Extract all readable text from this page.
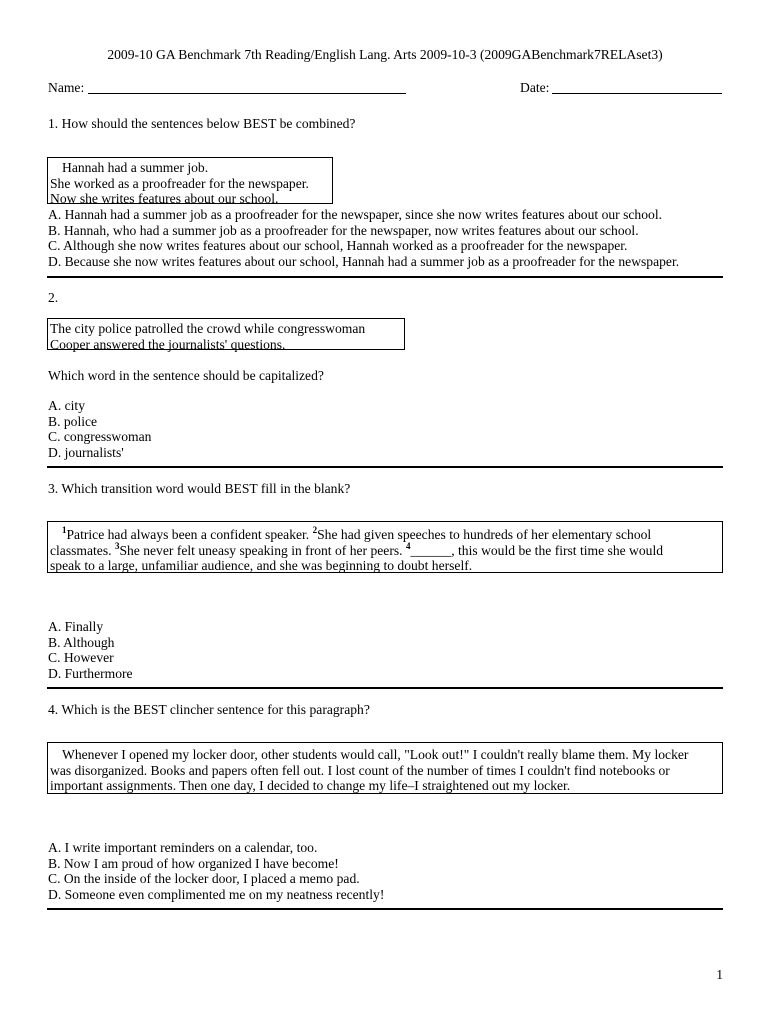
2009-10 GA Benchmark 7th Reading/English Lang. Arts 2009-10-3 (2009GABenchmark7RELAset3)
Name:	Date:
1. How should the sentences below BEST be combined?
Hannah had a summer job.
She worked as a proofreader for the newspaper.
Now she writes features about our school.
A. Hannah had a summer job as a proofreader for the newspaper, since she now writes features about our school.
B. Hannah, who had a summer job as a proofreader for the newspaper, now writes features about our school.
C. Although she now writes features about our school, Hannah worked as a proofreader for the newspaper.
D. Because she now writes features about our school, Hannah had a summer job as a proofreader for the newspaper.
2.
The city police patrolled the crowd while congresswoman
Cooper answered the journalists' questions.
Which word in the sentence should be capitalized?
A. city
B. police
C. congresswoman
D. journalists'
3. Which transition word would BEST fill in the blank?
$^1$Patrice had always been a confident speaker. $^2$She had given speeches to hundreds of her elementary school
classmates. $^3$She never felt uneasy speaking in front of her peers. $^4$______, this would be the first time she would
speak to a large, unfamiliar audience, and she was beginning to doubt herself.
A. Finally
B. Although
C. However
D. Furthermore
4. Which is the BEST clincher sentence for this paragraph?
Whenever I opened my locker door, other students would call, "Look out!" I couldn't really blame them. My locker
was disorganized. Books and papers often fell out. I lost count of the number of times I couldn't find notebooks or
important assignments. Then one day, I decided to change my life–I straightened out my locker.
A. I write important reminders on a calendar, too.
B. Now I am proud of how organized I have become!
C. On the inside of the locker door, I placed a memo pad.
D. Someone even complimented me on my neatness recently!
1
